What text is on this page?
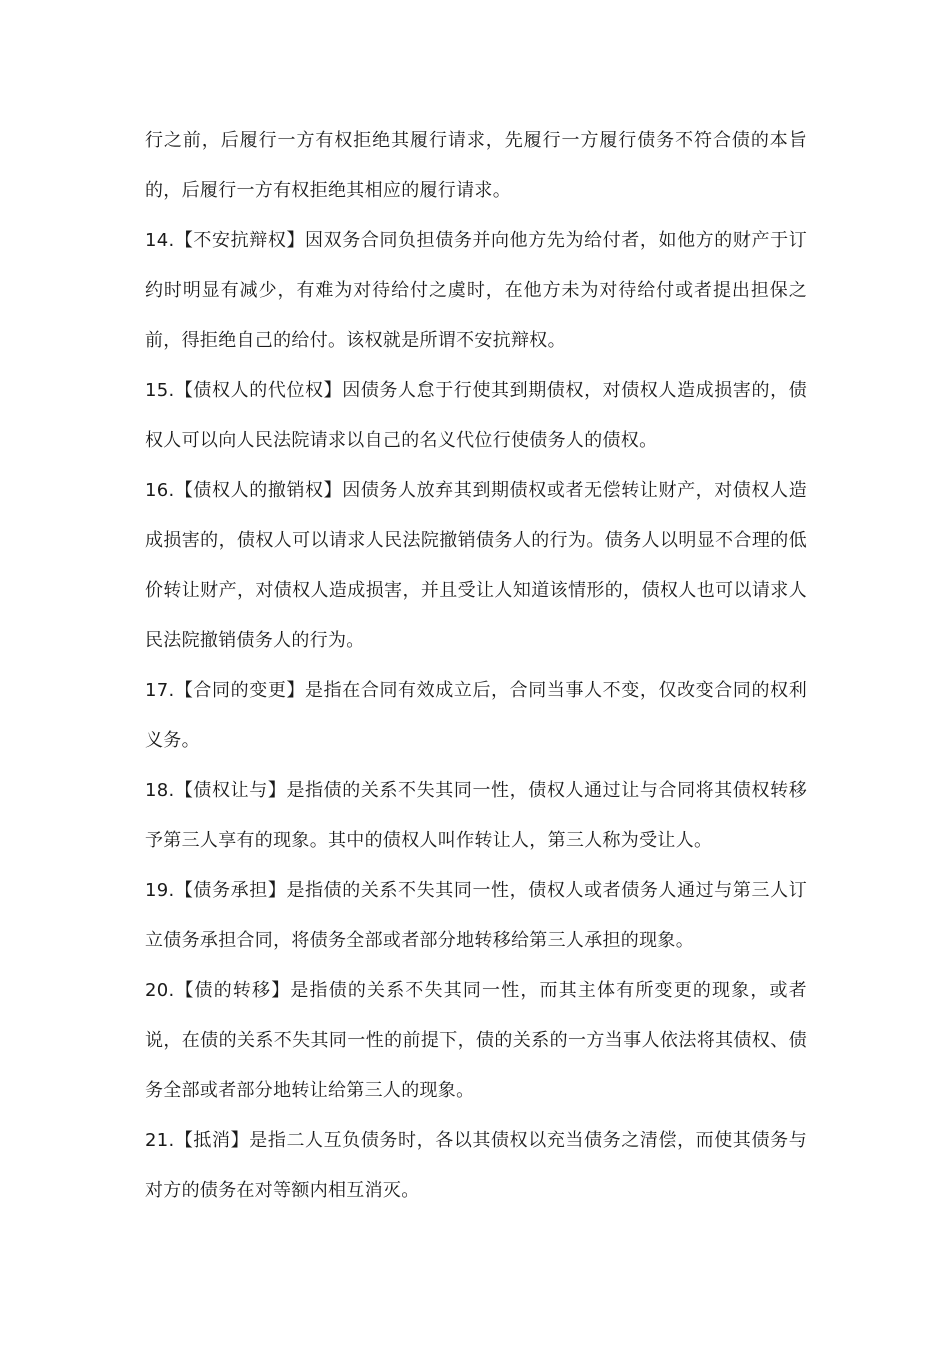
行之前，后履行一方有权拒绝其履行请求，先履行一方履行债务不符合债的本旨的，后履行一方有权拒绝其相应的履行请求。

14.【不安抗辩权】因双务合同负担债务并向他方先为给付者，如他方的财产于订约时明显有减少，有难为对待给付之虞时，在他方未为对待给付或者提出担保之前，得拒绝自己的给付。该权就是所谓不安抗辩权。

15.【债权人的代位权】因债务人怠于行使其到期债权，对债权人造成损害的，债权人可以向人民法院请求以自己的名义代位行使债务人的债权。

16.【债权人的撤销权】因债务人放弃其到期债权或者无偿转让财产，对债权人造成损害的，债权人可以请求人民法院撤销债务人的行为。债务人以明显不合理的低价转让财产，对债权人造成损害，并且受让人知道该情形的，债权人也可以请求人民法院撤销债务人的行为。

17.【合同的变更】是指在合同有效成立后，合同当事人不变，仅改变合同的权利义务。

18.【债权让与】是指债的关系不失其同一性，债权人通过让与合同将其债权转移予第三人享有的现象。其中的债权人叫作转让人，第三人称为受让人。

19.【债务承担】是指债的关系不失其同一性，债权人或者债务人通过与第三人订立债务承担合同，将债务全部或者部分地转移给第三人承担的现象。

20.【债的转移】是指债的关系不失其同一性，而其主体有所变更的现象，或者说，在债的关系不失其同一性的前提下，债的关系的一方当事人依法将其债权、债务全部或者部分地转让给第三人的现象。

21.【抵消】是指二人互负债务时，各以其债权以充当债务之清偿，而使其债务与对方的债务在对等额内相互消灭。
